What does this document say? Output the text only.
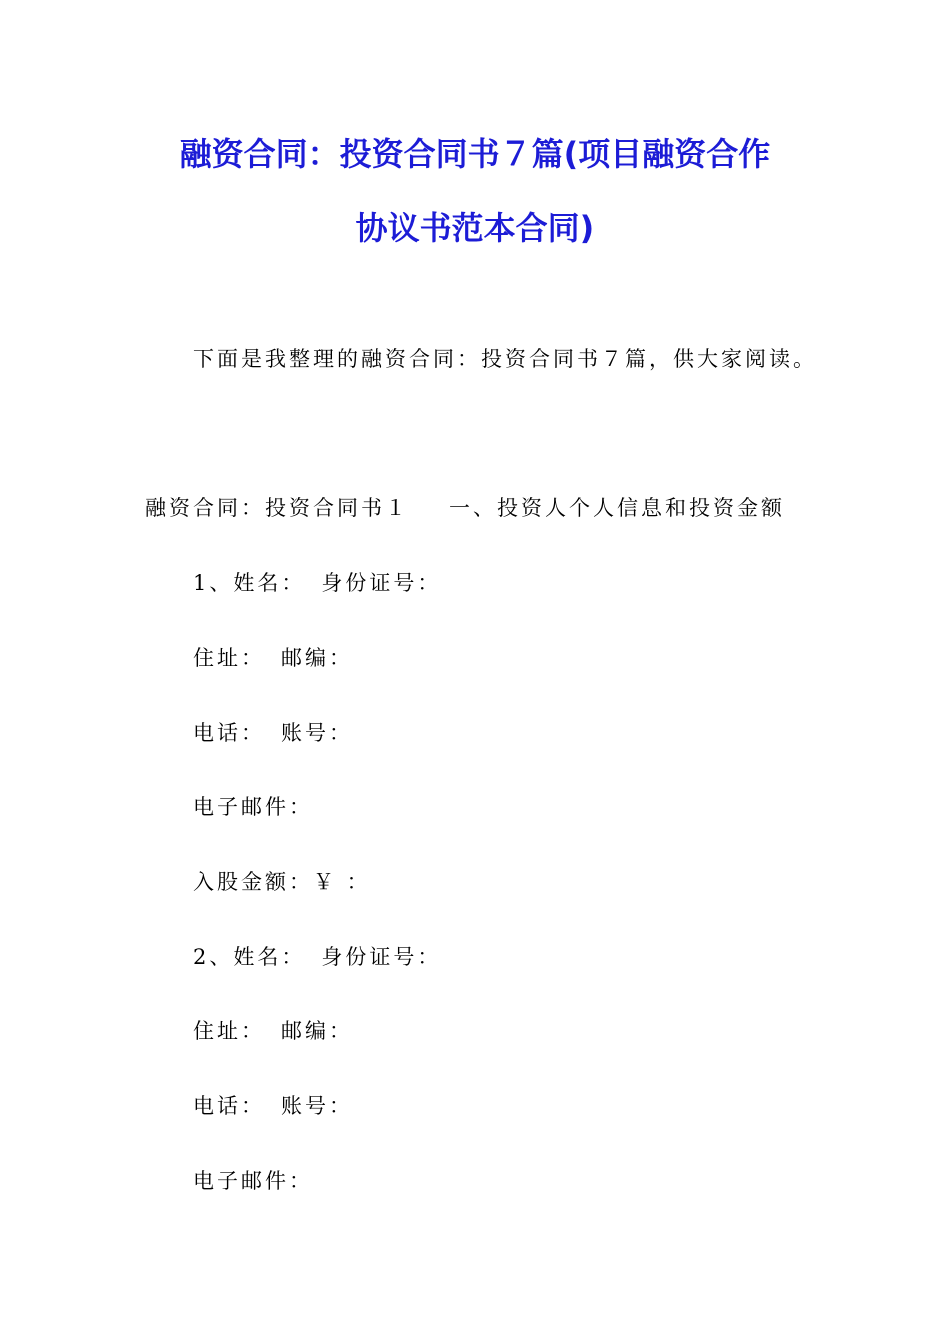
融资合同：投资合同书７篇(项目融资合作
协议书范本合同)
下面是我整理的融资合同：投资合同书７篇，供大家阅读。
融资合同：投资合同书１ 一、投资人个人信息和投资金额
1、姓名： 身份证号：
住址： 邮编：
电话： 账号：
电子邮件：
入股金额：￥ ：
2、姓名： 身份证号：
住址： 邮编：
电话： 账号：
电子邮件：
